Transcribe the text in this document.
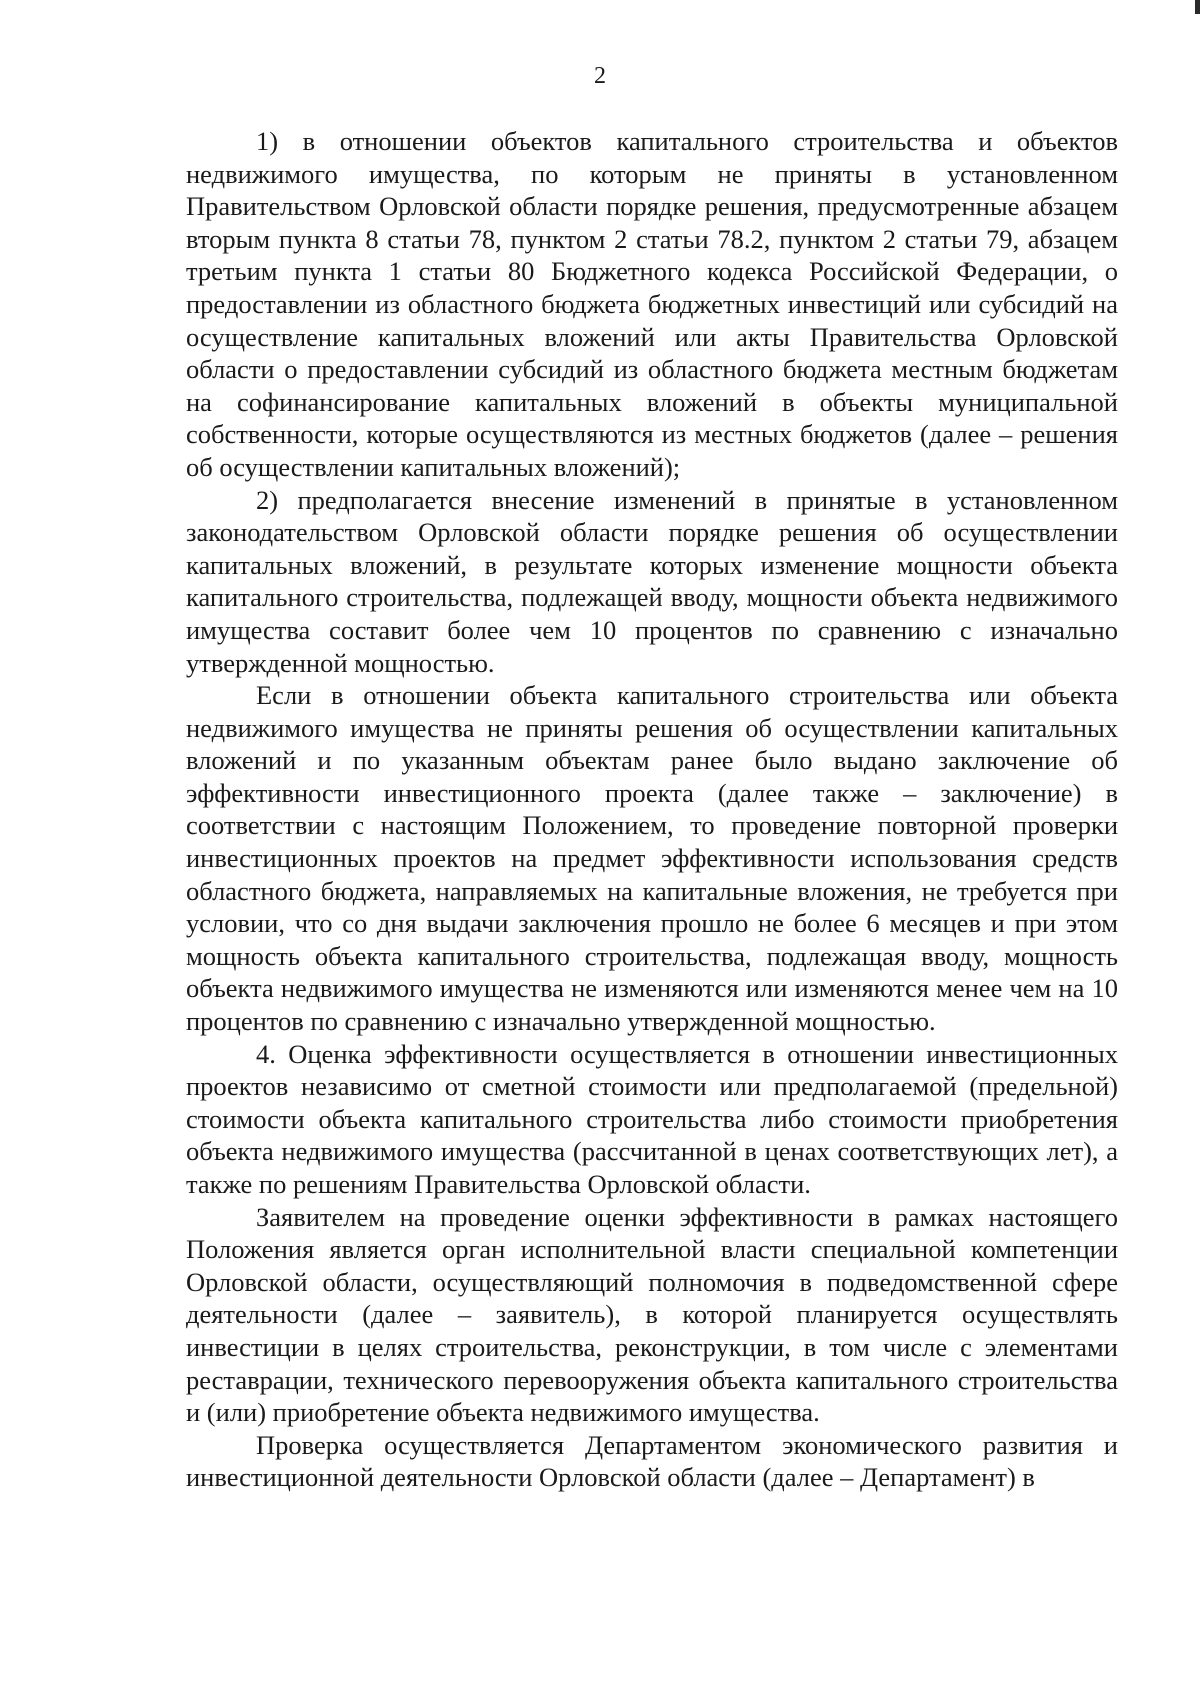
2

1) в отношении объектов капитального строительства и объектов недвижимого имущества, по которым не приняты в установленном Правительством Орловской области порядке решения, предусмотренные абзацем вторым пункта 8 статьи 78, пунктом 2 статьи 78.2, пунктом 2 статьи 79, абзацем третьим пункта 1 статьи 80 Бюджетного кодекса Российской Федерации, о предоставлении из областного бюджета бюджетных инвестиций или субсидий на осуществление капитальных вложений или акты Правительства Орловской области о предоставлении субсидий из областного бюджета местным бюджетам на софинансирование капитальных вложений в объекты муниципальной собственности, которые осуществляются из местных бюджетов (далее – решения об осуществлении капитальных вложений);

2) предполагается внесение изменений в принятые в установленном законодательством Орловской области порядке решения об осуществлении капитальных вложений, в результате которых изменение мощности объекта капитального строительства, подлежащей вводу, мощности объекта недвижимого имущества составит более чем 10 процентов по сравнению с изначально утвержденной мощностью.

Если в отношении объекта капитального строительства или объекта недвижимого имущества не приняты решения об осуществлении капитальных вложений и по указанным объектам ранее было выдано заключение об эффективности инвестиционного проекта (далее также – заключение) в соответствии с настоящим Положением, то проведение повторной проверки инвестиционных проектов на предмет эффективности использования средств областного бюджета, направляемых на капитальные вложения, не требуется при условии, что со дня выдачи заключения прошло не более 6 месяцев и при этом мощность объекта капитального строительства, подлежащая вводу, мощность объекта недвижимого имущества не изменяются или изменяются менее чем на 10 процентов по сравнению с изначально утвержденной мощностью.

4. Оценка эффективности осуществляется в отношении инвестиционных проектов независимо от сметной стоимости или предполагаемой (предельной) стоимости объекта капитального строительства либо стоимости приобретения объекта недвижимого имущества (рассчитанной в ценах соответствующих лет), а также по решениям Правительства Орловской области.

Заявителем на проведение оценки эффективности в рамках настоящего Положения является орган исполнительной власти специальной компетенции Орловской области, осуществляющий полномочия в подведомственной сфере деятельности (далее – заявитель), в которой планируется осуществлять инвестиции в целях строительства, реконструкции, в том числе с элементами реставрации, технического перевооружения объекта капитального строительства и (или) приобретение объекта недвижимого имущества.

Проверка осуществляется Департаментом экономического развития и инвестиционной деятельности Орловской области (далее – Департамент) в
